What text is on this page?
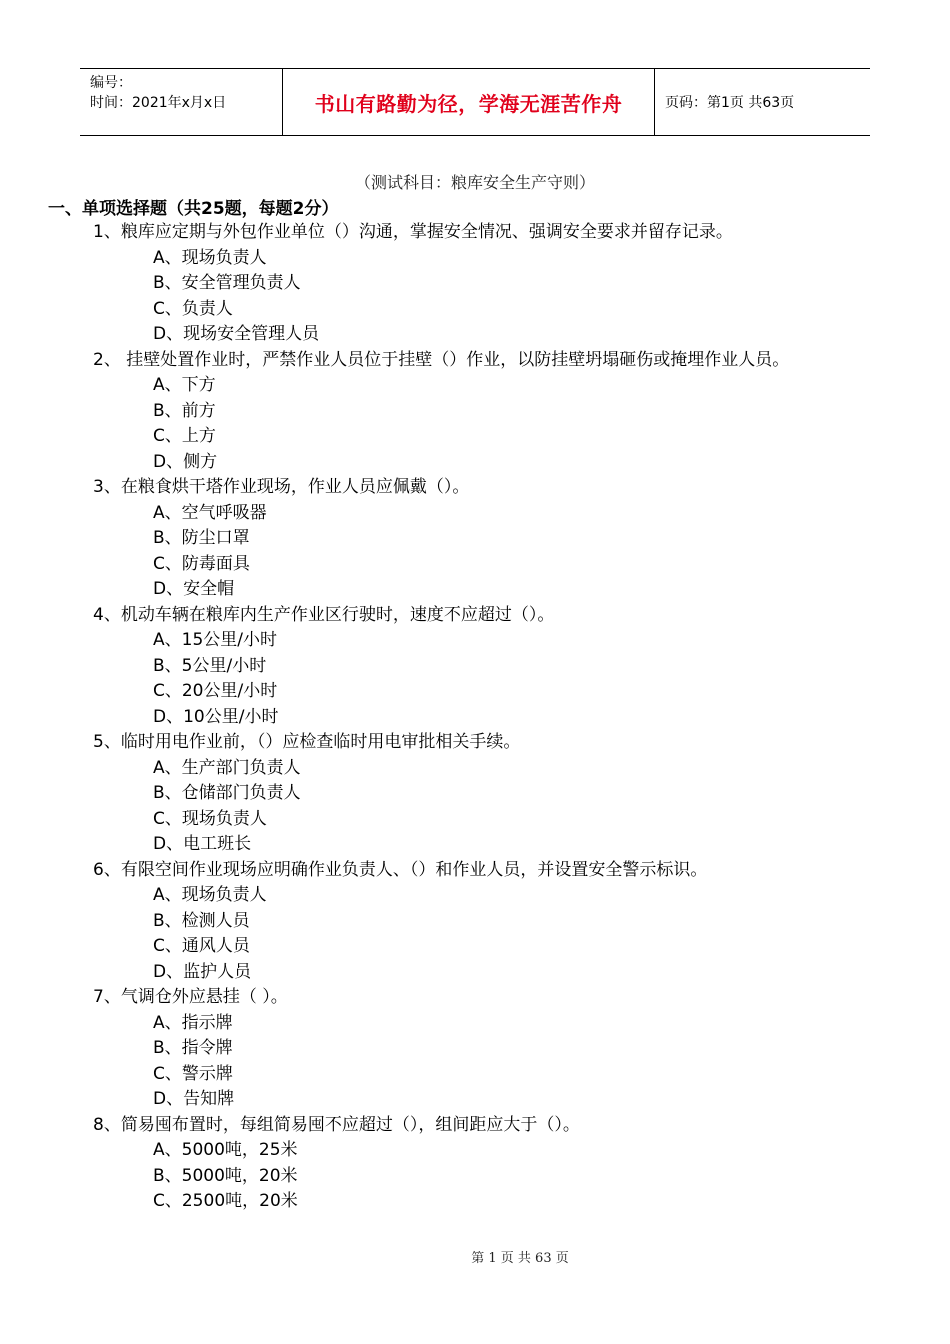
编号：
时间：2021年x月x日	书山有路勤为径，学海无涯苦作舟	页码：第1页 共63页
（测试科目：粮库安全生产守则）
一、单项选择题（共25题，每题2分）
1、粮库应定期与外包作业单位（）沟通，掌握安全情况、强调安全要求并留存记录。
A、现场负责人
B、安全管理负责人
C、负责人
D、现场安全管理人员
2、 挂壁处置作业时，严禁作业人员位于挂壁（）作业，以防挂壁坍塌砸伤或掩埋作业人员。
A、下方
B、前方
C、上方
D、侧方
3、在粮食烘干塔作业现场，作业人员应佩戴（）。
A、空气呼吸器
B、防尘口罩
C、防毒面具
D、安全帽
4、机动车辆在粮库内生产作业区行驶时，速度不应超过（）。
A、15公里/小时
B、5公里/小时
C、20公里/小时
D、10公里/小时
5、临时用电作业前，（）应检查临时用电审批相关手续。
A、生产部门负责人
B、仓储部门负责人
C、现场负责人
D、电工班长
6、有限空间作业现场应明确作业负责人、（）和作业人员，并设置安全警示标识。
A、现场负责人
B、检测人员
C、通风人员
D、监护人员
7、气调仓外应悬挂（ ）。
A、指示牌
B、指令牌
C、警示牌
D、告知牌
8、简易囤布置时，每组简易囤不应超过（），组间距应大于（）。
A、5000吨，25米
B、5000吨，20米
C、2500吨，20米
第 1 页 共 63 页
